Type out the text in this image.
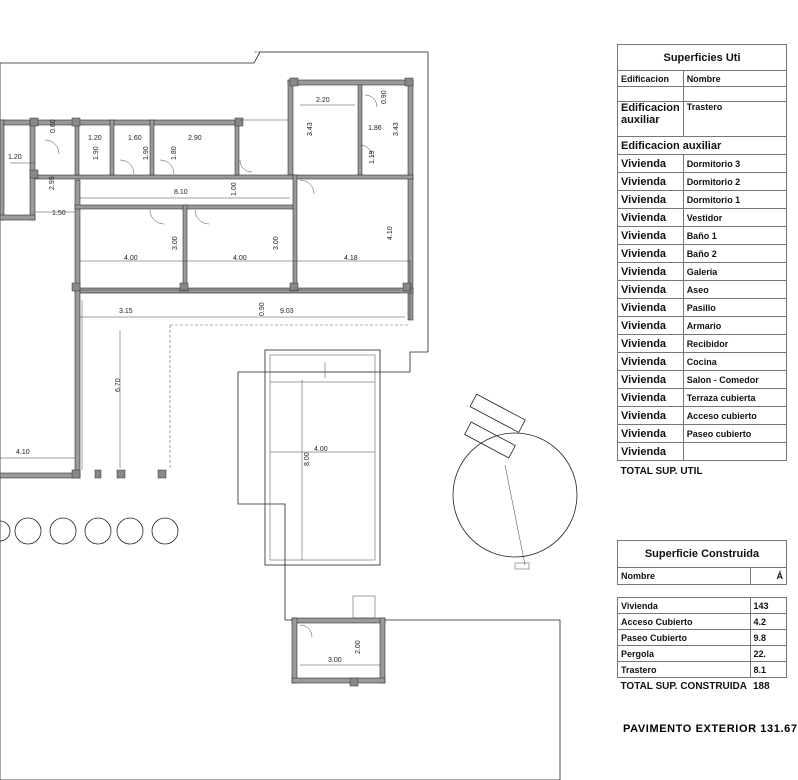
1.20
0.60
2.95
1.50
1.20
1.90
1.60
1.90	1.80
2.90
8.10	1.00
2.20	0.90
3.43	1.86 3.43
1.19
4.10
4.00
3.00
4.00
3.00
4.18
3.15	0.90 9.03
6.70
4.10	4.00
8.00
3.00
2.00
Superficies Uti	
Edificacion	Nombre

Edificacion auxiliar	Trastero
Edificacion auxiliar	
Vivienda	Dormitorio 3
Vivienda	Dormitorio 2
Vivienda	Dormitorio 1
Vivienda	Vestidor
Vivienda	Baño 1
Vivienda	Baño 2
Vivienda	Galeria
Vivienda	Aseo
Vivienda	Pasillo
Vivienda	Armario
Vivienda	Recibidor
Vivienda	Cocina
Vivienda	Salon - Comedor
Vivienda	Terraza cubierta
Vivienda	Acceso cubierto
Vivienda	Paseo cubierto
Vivienda	
TOTAL SUP. UTIL	
Superficie Construida	
Nombre	Á

Vivienda	143
Acceso Cubierto	4.2
Paseo Cubierto	9.8
Pergola	22.
Trastero	8.1
TOTAL SUP. CONSTRUIDA	188
PAVIMENTO EXTERIOR 131.67
